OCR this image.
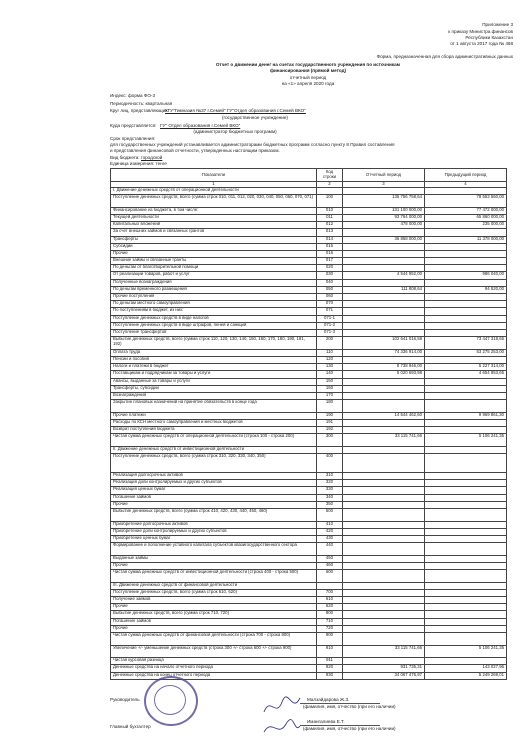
Приложение 3
к приказу Министра финансов
Республики Казахстан
от 1 августа 2017 года № 468
Форма, предназначенная для сбора административных данных
Отчет о движении денег на счетах государственного учреждения по источникам
финансирования (прямой метод)
отчетный период
на «1» апреля 2020 года
Индекс: форма ФО-3
Периодичность: квартальная
Круг лиц, представляющих:
КГУ"Гимназия №37 г.Семей" ГУ"Отдел образования г.Семей ВКО"
(государственное учреждение)
Куда представляется: ГУ" Отдел образования г.Семей ВКО"
(администратор бюджетных программ)
Срок представления:
для государственных учреждений устанавливается администраторами бюджетных программ согласно пункту 8 Правил составления
и представления финансовой отчетности, утвержденных настоящим приказом.
Вид бюджета: городской
Единица измерения: тенге
Показатели	Код строки	Отчетный период	Предыдущий период
1	2	3	4
I. Движение денежных средств от операционной деятельности			
Поступление денежных средств, всего (сумма строк 010, 011, 012, 020, 030, 040, 050, 060, 070, 071)	100	135 756 758,64	78 553 560,00
Финансирование из бюджета, в том числе:	010	131 100 000,00	77 472 000,00
Текущей деятельности	011	93 764 000,00	65 860 000,00
Капитальных вложений	012	478 000,00	235 000,00
За счет внешних займов и связанных грантов	013		
Трансферты	014	36 858 000,00	11 378 000,00
Субсидии	015		
Прочие	016		
Внешние займы и связанные гранты	017		
По деньгам от благотворительной помощи	020		
От реализации товаров, работ и услуг	030	4 544 952,00	986 040,00
Полученные вознаграждения	040		
По деньгам временного размещения	050	111 808,64	94 520,00
Прочие поступления	060		
По деньгам местного самоуправления	070		
По поступлениям в бюджет, из них:	071		
Поступление денежных средств в виде налогов	071-1		
Поступление денежных средств в виде штрафов, пеней и санкций	071-2		
Поступление трансфертов	071-3		
Выбытие денежных средств, всего (сумма строк 110, 120, 130, 140, 150, 160, 170, 180, 190, 191, 192)	200	102 641 016,58	73 447 318,65
Оплата труда	110	74 336 914,00	53 275 253,00
Пенсии и пособия	120		
Налоги и платежи в бюджет	130	8 738 946,00	5 227 314,00
Поставщикам и подрядчикам за товары и услуги	140	5 020 693,98	4 654 853,65
Авансы, выданные за товары и услуги	150		
Трансферты, субсидии	160		
Вознаграждения	170		
Закрытие плановых назначений на принятие обязательств в конце года	180		
Прочие платежи	190	14 544 462,60	9 969 861,30
Расходы по КСН местного самоуправления и местных бюджетов	191		
Возврат поступлений бюджета	192		
Чистая сумма денежных средств от операционной деятельности (строка 100 - строка 200)	300	33 115 741,66	5 106 241,35
II. Движение денежных средств от инвестиционной деятельности			
Поступление денежных средств, всего (сумма строк 310, 320, 330, 340, 350)	400		
Реализация долгосрочных активов	310		
Реализация доли контролируемых и других субъектов	320		
Реализация ценных бумаг	330		
Погашение займов	340		
Прочие	350		
Выбытие денежных средств, всего (сумма строк 410, 420, 430, 440, 450, 460)	500		
Приобретение долгосрочных активов	410		
Приобретение доли контролируемых и других субъектов	420		
Приобретение ценных бумаг	430		
Формирование и пополнение уставного капитала субъектов квазигосударственного сектора	440		
Выданные займы	450		
Прочие	460		
Чистая сумма денежных средств от инвестиционной деятельности (строка 400 - строка 500)	600		
III. Движение денежных средств от финансовой деятельности			
Поступление денежных средств, всего (сумма строк 610, 620)	700		
Получение займов	610		
Прочие	620		
Выбытие денежных средств, всего (сумма строк 710, 720)	800		
Погашение займов	710		
Прочие	720		
Чистая сумма денежных средств от финансовой деятельности (строка 700 - строка 800)	900		
Увеличение +/- уменьшение денежных средств (строка 300 +/- строка 600 +/- строка 900)	910	33 115 741,66	5 106 241,35
Чистая курсовая разница	911		
Денежные средства на начало отчетного периода	920	931 735,31	143 027,96
Денежные средства на конец отчетного периода	930	34 067 476,97	5 249 269,01
Руководитель	Малзайдарова Ж.З.
(фамилия, имя, отчество (при его наличии)
Главный бухгалтер
Имангалиева Е.Т.
(фамилия, имя, отчество (при его наличии)
